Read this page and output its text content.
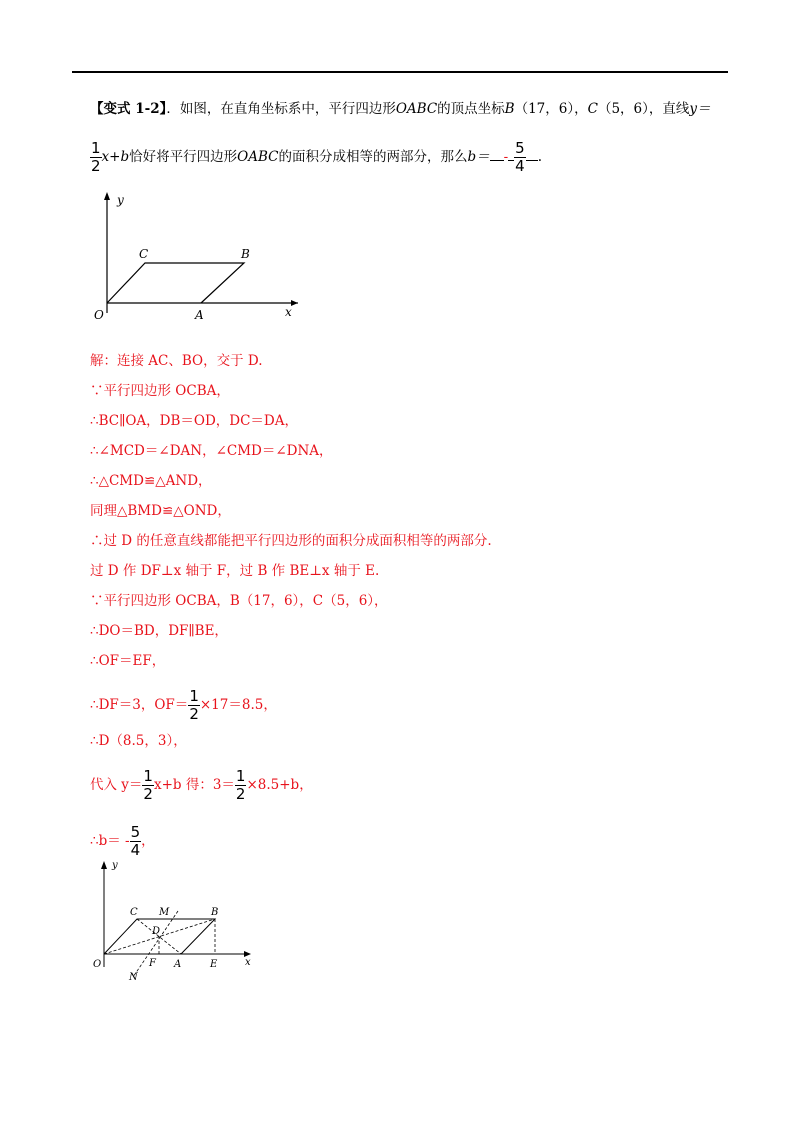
【变式 1-2】．如图，在直角坐标系中，平行四边形OABC的顶点坐标B（17，6），C（5，6），直线y＝
$\frac{1}{2} x+b$恰好将平行四边形OABC的面积分成相等的两部分，那么$b= - \frac{5}{4}$ .
y
x
O	A
C	B
解：连接 AC、BO，交于 D.
∵平行四边形 OCBA，
∴BC∥OA，DB＝OD，DC＝DA，
∴∠MCD＝∠DAN，∠CMD＝∠DNA，
∴△CMD≌△AND，
同理△BMD≌△OND，
∴过 D 的任意直线都能把平行四边形的面积分成面积相等的两部分.
过 D 作 DF⊥x 轴于 F，过 B 作 BE⊥x 轴于 E.
∵平行四边形 OCBA，B（17，6），C（5，6），
∴DO＝BD，DF∥BE，
∴OF＝EF，
∴DF＝3，$OF= \frac{1}{2} \times 17=8.5$，
∴D（8.5，3），
代入 $y= \frac{1}{2} x+b$ 得：$3= \frac{1}{2} \times 8.5+b$，
∴b＝ - $\frac{5}{4}$ ，
y
x
O
C	B
M
D
F A	E
N
